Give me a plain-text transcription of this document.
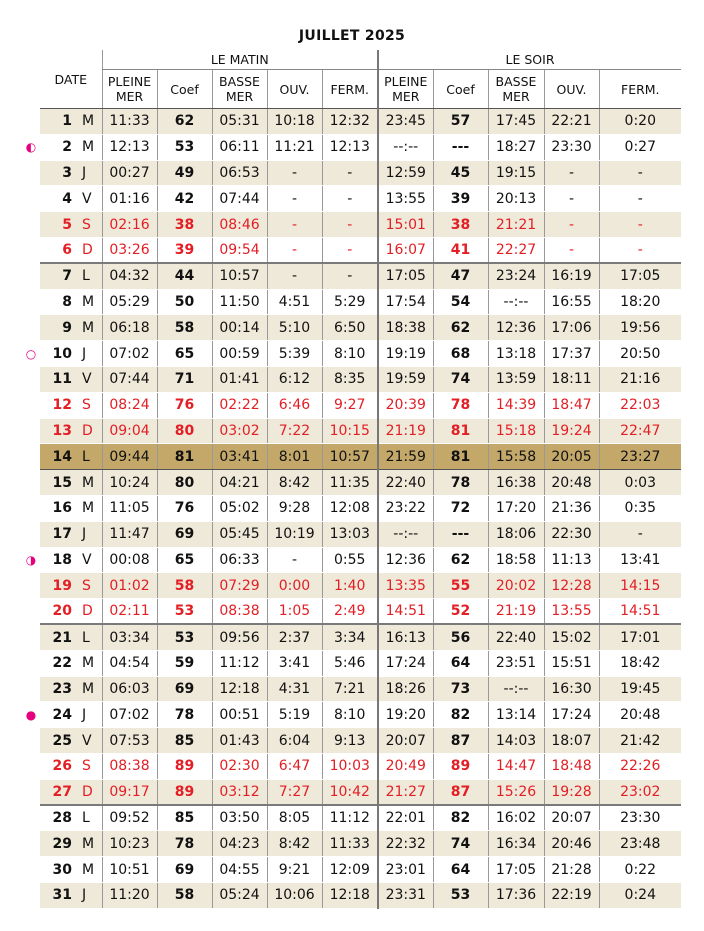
JUILLET 2025
DATE		LE MATIN					LE SOIR				
		PLEINE MER	Coef	BASSE MER	OUV.	FERM.	PLEINE MER	Coef	BASSE MER	OUV.	FERM.
1	M	11:33	62	05:31	10:18	12:32	23:45	57	17:45	22:21	0:20
2	M	12:13	53	06:11	11:21	12:13	--:--	---	18:27	23:30	0:27
3	J	00:27	49	06:53	-	-	12:59	45	19:15	-	-
4	V	01:16	42	07:44	-	-	13:55	39	20:13	-	-
5	S	02:16	38	08:46	-	-	15:01	38	21:21	-	-
6	D	03:26	39	09:54	-	-	16:07	41	22:27	-	-
7	L	04:32	44	10:57	-	-	17:05	47	23:24	16:19	17:05
8	M	05:29	50	11:50	4:51	5:29	17:54	54	--:--	16:55	18:20
9	M	06:18	58	00:14	5:10	6:50	18:38	62	12:36	17:06	19:56
10	J	07:02	65	00:59	5:39	8:10	19:19	68	13:18	17:37	20:50
11	V	07:44	71	01:41	6:12	8:35	19:59	74	13:59	18:11	21:16
12	S	08:24	76	02:22	6:46	9:27	20:39	78	14:39	18:47	22:03
13	D	09:04	80	03:02	7:22	10:15	21:19	81	15:18	19:24	22:47
14	L	09:44	81	03:41	8:01	10:57	21:59	81	15:58	20:05	23:27
15	M	10:24	80	04:21	8:42	11:35	22:40	78	16:38	20:48	0:03
16	M	11:05	76	05:02	9:28	12:08	23:22	72	17:20	21:36	0:35
17	J	11:47	69	05:45	10:19	13:03	--:--	---	18:06	22:30	-
18	V	00:08	65	06:33	-	0:55	12:36	62	18:58	11:13	13:41
19	S	01:02	58	07:29	0:00	1:40	13:35	55	20:02	12:28	14:15
20	D	02:11	53	08:38	1:05	2:49	14:51	52	21:19	13:55	14:51
21	L	03:34	53	09:56	2:37	3:34	16:13	56	22:40	15:02	17:01
22	M	04:54	59	11:12	3:41	5:46	17:24	64	23:51	15:51	18:42
23	M	06:03	69	12:18	4:31	7:21	18:26	73	--:--	16:30	19:45
24	J	07:02	78	00:51	5:19	8:10	19:20	82	13:14	17:24	20:48
25	V	07:53	85	01:43	6:04	9:13	20:07	87	14:03	18:07	21:42
26	S	08:38	89	02:30	6:47	10:03	20:49	89	14:47	18:48	22:26
27	D	09:17	89	03:12	7:27	10:42	21:27	87	15:26	19:28	23:02
28	L	09:52	85	03:50	8:05	11:12	22:01	82	16:02	20:07	23:30
29	M	10:23	78	04:23	8:42	11:33	22:32	74	16:34	20:46	23:48
30	M	10:51	69	04:55	9:21	12:09	23:01	64	17:05	21:28	0:22
31	J	11:20	58	05:24	10:06	12:18	23:31	53	17:36	22:19	0:24
◐
○
◑
●
